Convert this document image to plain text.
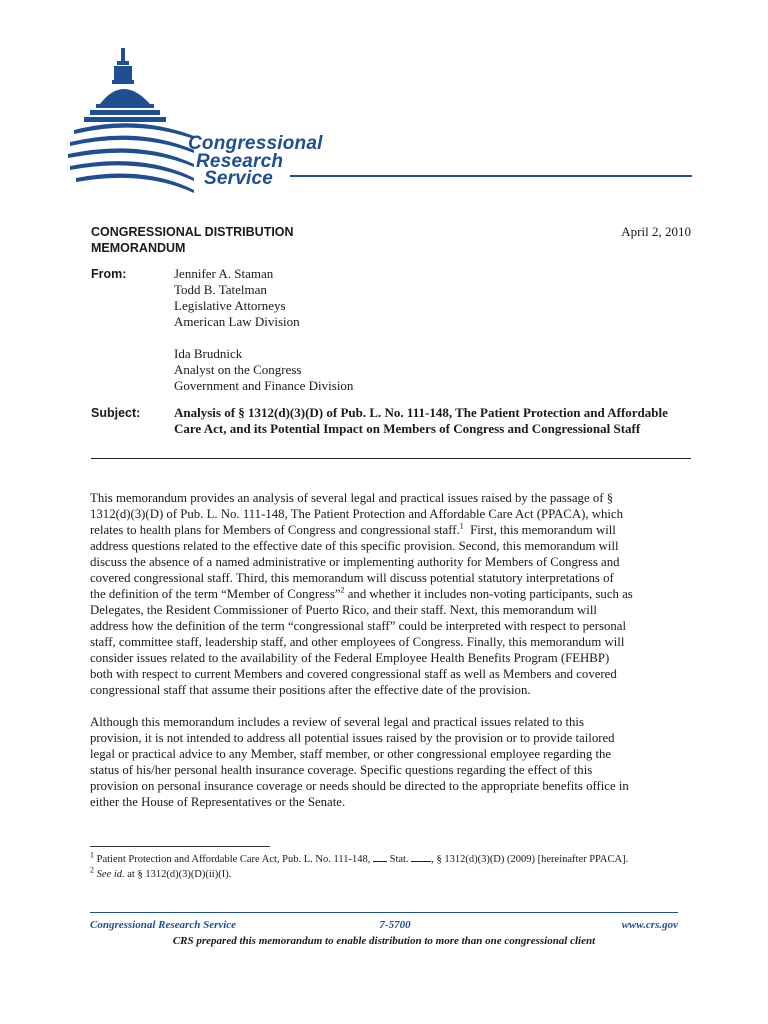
Congressional
Research
Service
CONGRESSIONAL DISTRIBUTION
MEMORANDUM
April 2, 2010
From:	Jennifer A. Staman
Todd B. Tatelman
Legislative Attorneys
American Law Division
Ida Brudnick
Analyst on the Congress
Government and Finance Division
Subject:	Analysis of § 1312(d)(3)(D) of Pub. L. No. 111-148, The Patient Protection and Affordable Care Act, and its Potential Impact on Members of Congress and Congressional Staff
This memorandum provides an analysis of several legal and practical issues raised by the passage of §
1312(d)(3)(D) of Pub. L. No. 111-148, The Patient Protection and Affordable Care Act (PPACA), which
relates to health plans for Members of Congress and congressional staff.$^1$  First, this memorandum will
address questions related to the effective date of this specific provision. Second, this memorandum will
discuss the absence of a named administrative or implementing authority for Members of Congress and
covered congressional staff. Third, this memorandum will discuss potential statutory interpretations of
the definition of the term “Member of Congress”$^2$ and whether it includes non-voting participants, such as
Delegates, the Resident Commissioner of Puerto Rico, and their staff. Next, this memorandum will
address how the definition of the term “congressional staff” could be interpreted with respect to personal
staff, committee staff, leadership staff, and other employees of Congress. Finally, this memorandum will
consider issues related to the availability of the Federal Employee Health Benefits Program (FEHBP)
both with respect to current Members and covered congressional staff as well as Members and covered
congressional staff that assume their positions after the effective date of the provision.
Although this memorandum includes a review of several legal and practical issues related to this
provision, it is not intended to address all potential issues raised by the provision or to provide tailored
legal or practical advice to any Member, staff member, or other congressional employee regarding the
status of his/her personal health insurance coverage. Specific questions regarding the effect of this
provision on personal insurance coverage or needs should be directed to the appropriate benefits office in
either the House of Representatives or the Senate.
$^1$ Patient Protection and Affordable Care Act, Pub. L. No. 111-148,  Stat. , § 1312(d)(3)(D) (2009) [hereinafter PPACA].
$^2$ See id. at § 1312(d)(3)(D)(ii)(I).
Congressional Research Service	7-5700	www.crs.gov
CRS prepared this memorandum to enable distribution to more than one congressional client
